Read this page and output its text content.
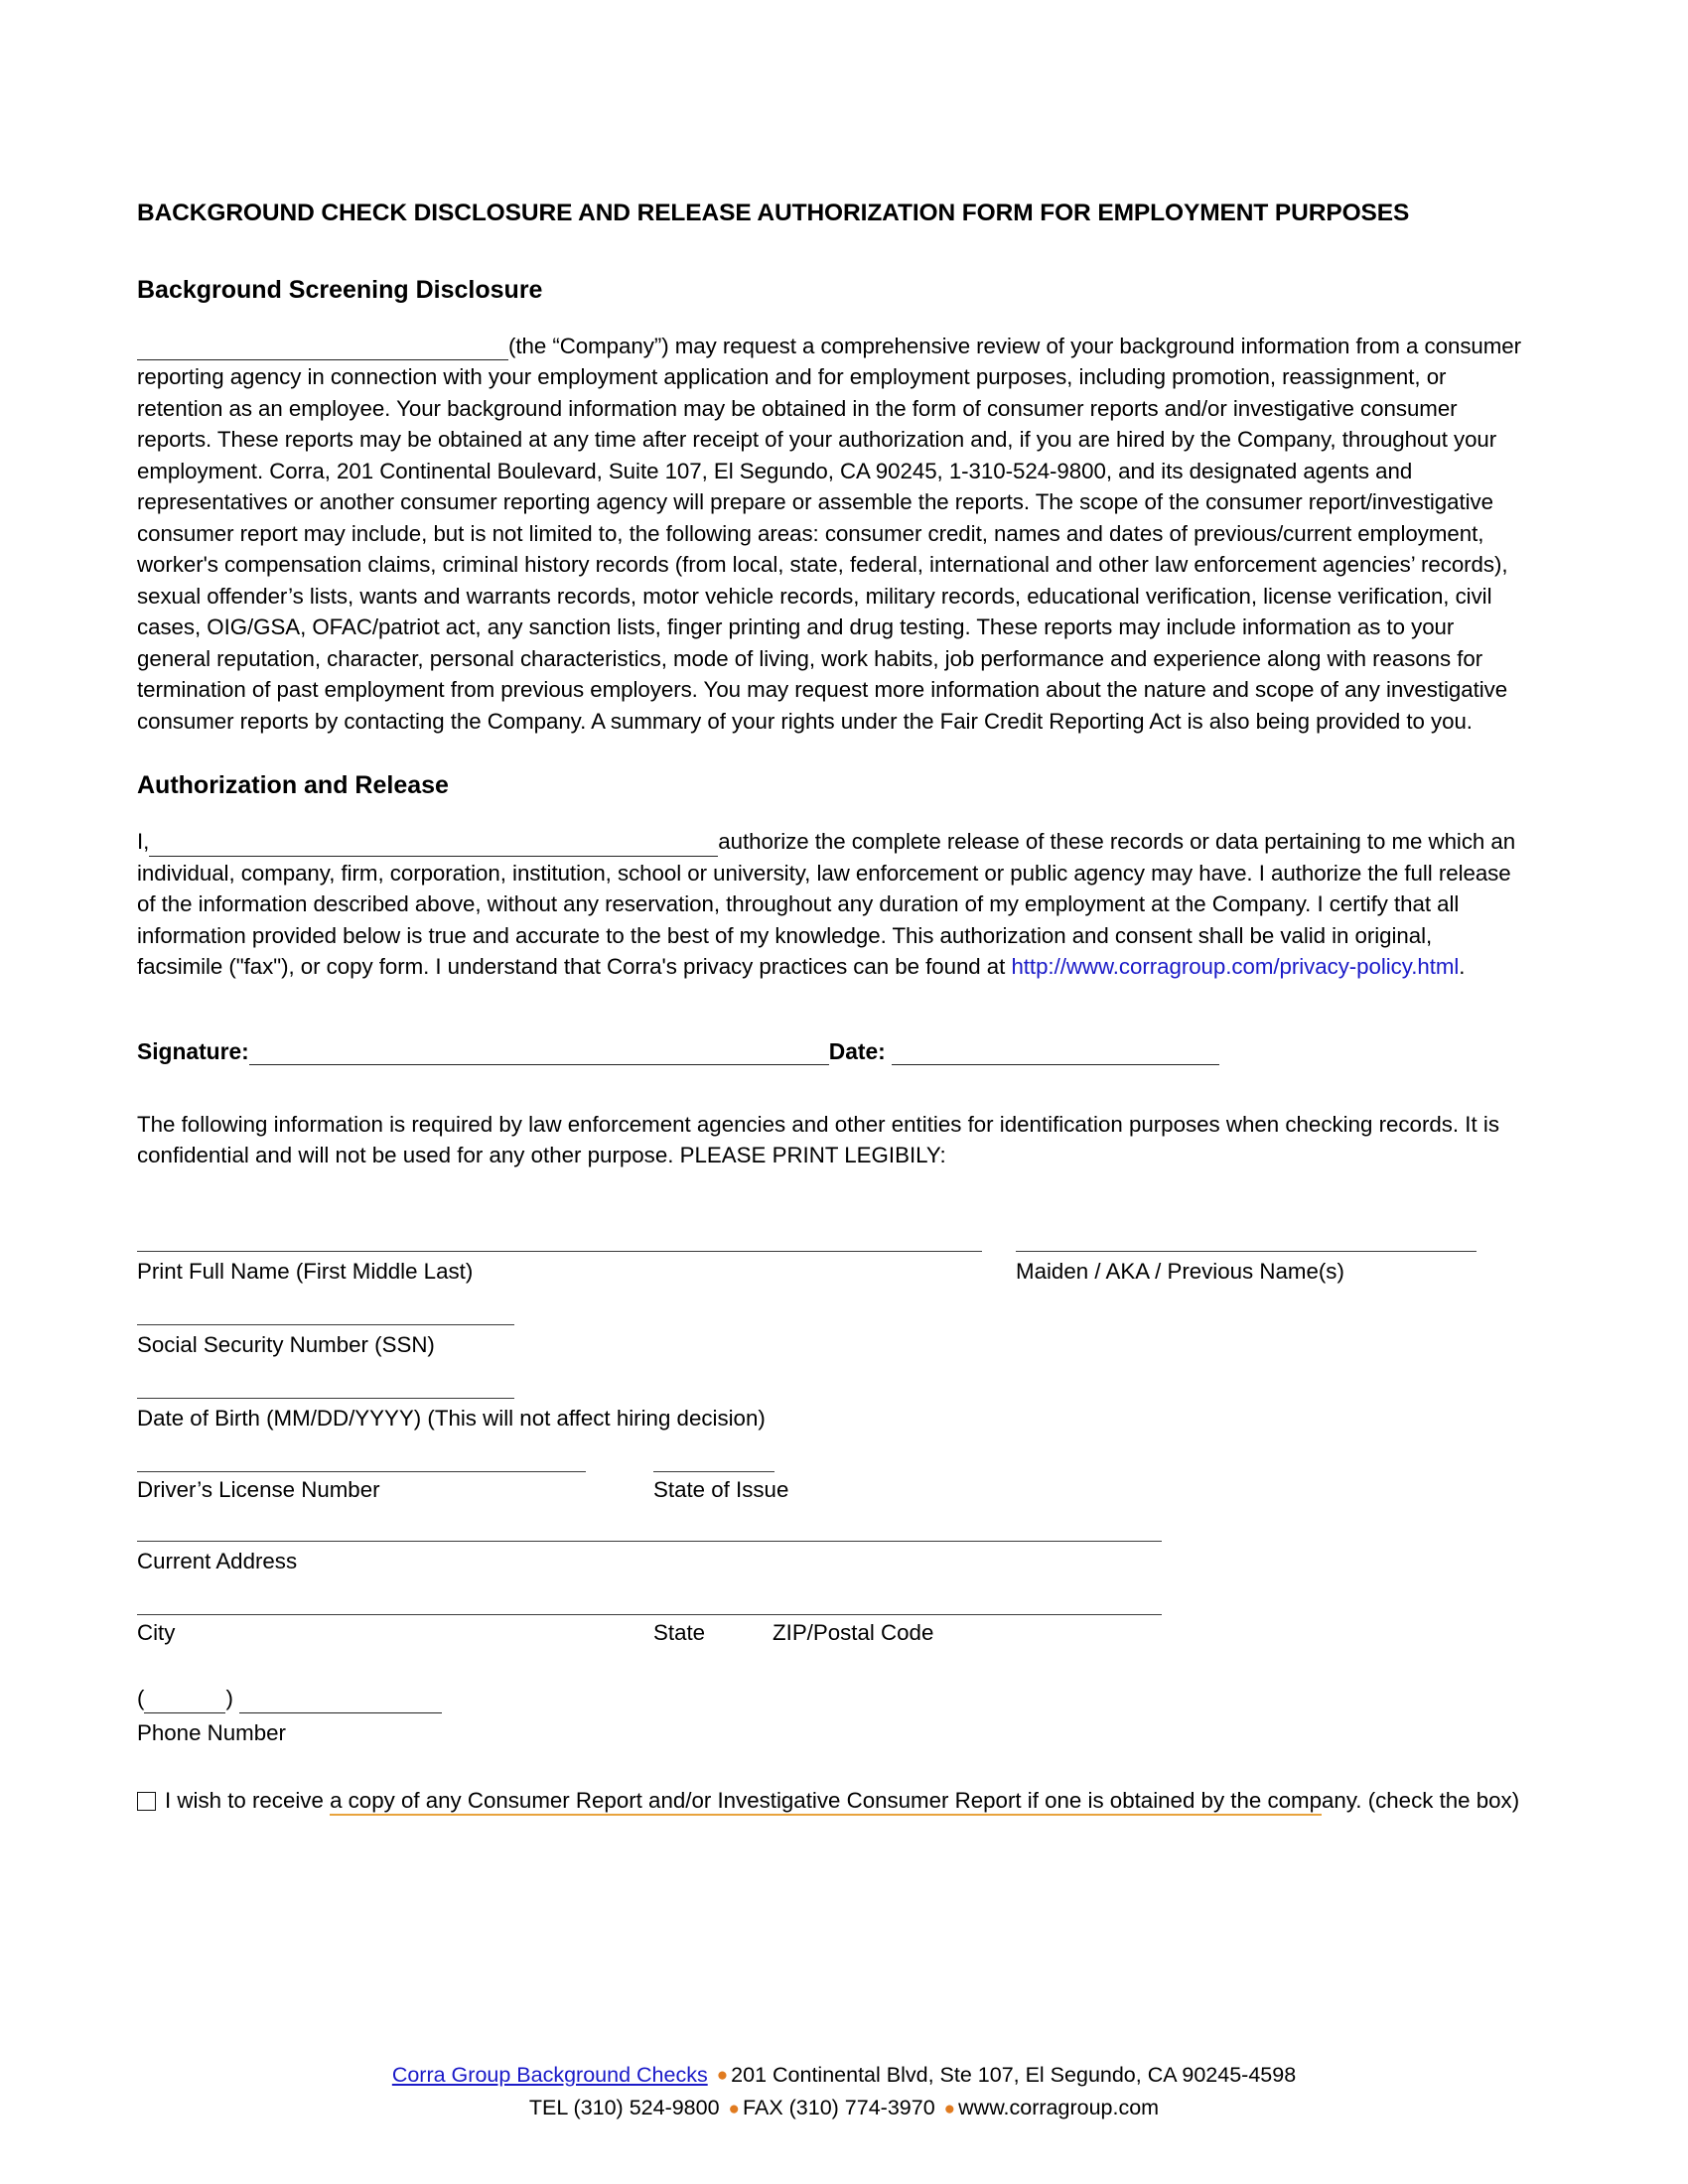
BACKGROUND CHECK DISCLOSURE AND RELEASE AUTHORIZATION FORM FOR EMPLOYMENT PURPOSES
Background Screening Disclosure
(the “Company”) may request a comprehensive review of your background information from a consumer reporting agency in connection with your employment application and for employment purposes, including promotion, reassignment, or retention as an employee. Your background information may be obtained in the form of consumer reports and/or investigative consumer reports. These reports may be obtained at any time after receipt of your authorization and, if you are hired by the Company, throughout your employment. Corra, 201 Continental Boulevard, Suite 107, El Segundo, CA 90245, 1-310-524-9800, and its designated agents and representatives or another consumer reporting agency will prepare or assemble the reports. The scope of the consumer report/investigative consumer report may include, but is not limited to, the following areas: consumer credit, names and dates of previous/current employment, worker's compensation claims, criminal history records (from local, state, federal, international and other law enforcement agencies’ records), sexual offender’s lists, wants and warrants records, motor vehicle records, military records, educational verification, license verification, civil cases, OIG/GSA, OFAC/patriot act, any sanction lists, finger printing and drug testing. These reports may include information as to your general reputation, character, personal characteristics, mode of living, work habits, job performance and experience along with reasons for termination of past employment from previous employers. You may request more information about the nature and scope of any investigative consumer reports by contacting the Company. A summary of your rights under the Fair Credit Reporting Act is also being provided to you.
Authorization and Release
I,	authorize the complete release of these records or data pertaining to me which an individual, company, firm, corporation, institution, school or university, law enforcement or public agency may have. I authorize the full release of the information described above, without any reservation, throughout any duration of my employment at the Company. I certify that all information provided below is true and accurate to the best of my knowledge. This authorization and consent shall be valid in original, facsimile ("fax"), or copy form. I understand that Corra's privacy practices can be found at http://www.corragroup.com/privacy-policy.html.
Signature:	Date:
The following information is required by law enforcement agencies and other entities for identification purposes when checking records. It is confidential and will not be used for any other purpose. PLEASE PRINT LEGIBILY:
Print Full Name (First Middle Last)	Maiden / AKA / Previous Name(s)
Social Security Number (SSN)
Date of Birth (MM/DD/YYYY) (This will not affect hiring decision)
Driver’s License Number	State of Issue
Current Address
City	State	ZIP/Postal Code
(	)
Phone Number
I wish to receive a copy of any Consumer Report and/or Investigative Consumer Report if one is obtained by the company. (check the box)
Corra Group Background Checks ● 201 Continental Blvd, Ste 107, El Segundo, CA 90245-4598
TEL (310) 524-9800 ● FAX (310) 774-3970 ● www.corragroup.com
